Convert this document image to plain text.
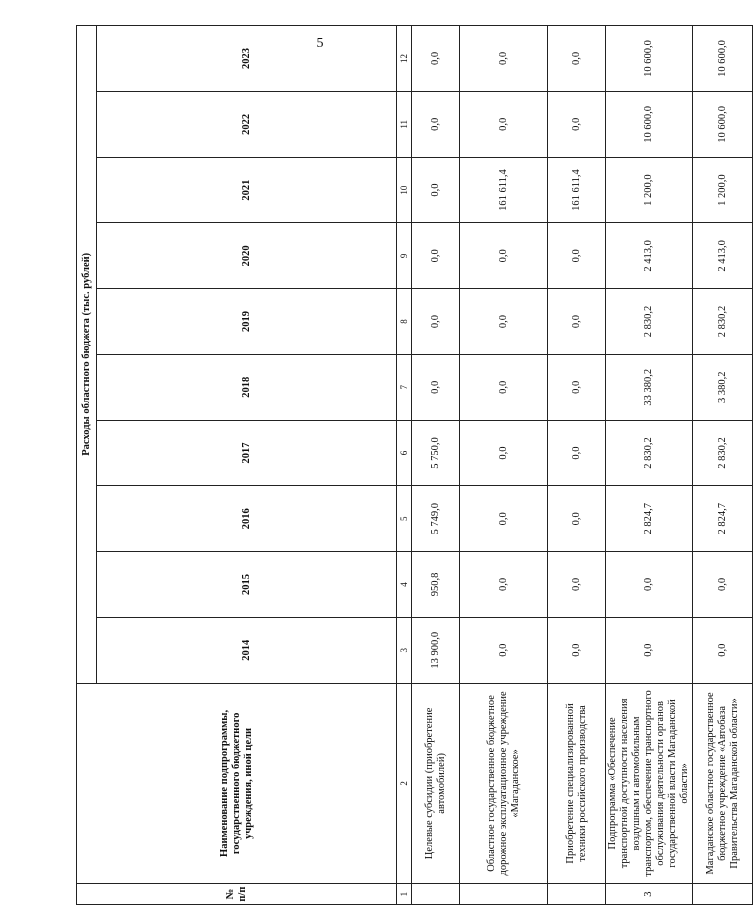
5
№ п/п	Наименование подпрограммы, государственного бюджетного учреждения, иной цели	Расходы областного бюджета (тыс. рублей)									
		2014	2015	2016	2017	2018	2019	2020	2021	2022	2023
1	2	3	4	5	6	7	8	9	10	11	12
	Целевые субсидии (приобретение автомобилей)	13 900,0	950,8	5 749,0	5 750,0	0,0	0,0	0,0	0,0	0,0	0,0
	Областное государственное бюджетное дорожное эксплуатационное учреждение «Магаданское»	0,0	0,0	0,0	0,0	0,0	0,0	0,0	161 611,4	0,0	0,0
	Приобретение специализированной техники российского производства	0,0	0,0	0,0	0,0	0,0	0,0	0,0	161 611,4	0,0	0,0
3	Подпрограмма «Обеспечение транспортной доступности населения воздушным и автомобильным транспортом, обеспечение транспортного обслуживания деятельности органов государственной власти Магаданской области»	0,0	0,0	2 824,7	2 830,2	33 380,2	2 830,2	2 413,0	1 200,0	10 600,0	10 600,0
	Магаданское областное государственное бюджетное учреждение «Автобаза Правительства Магаданской области»	0,0	0,0	2 824,7	2 830,2	3 380,2	2 830,2	2 413,0	1 200,0	10 600,0	10 600,0
